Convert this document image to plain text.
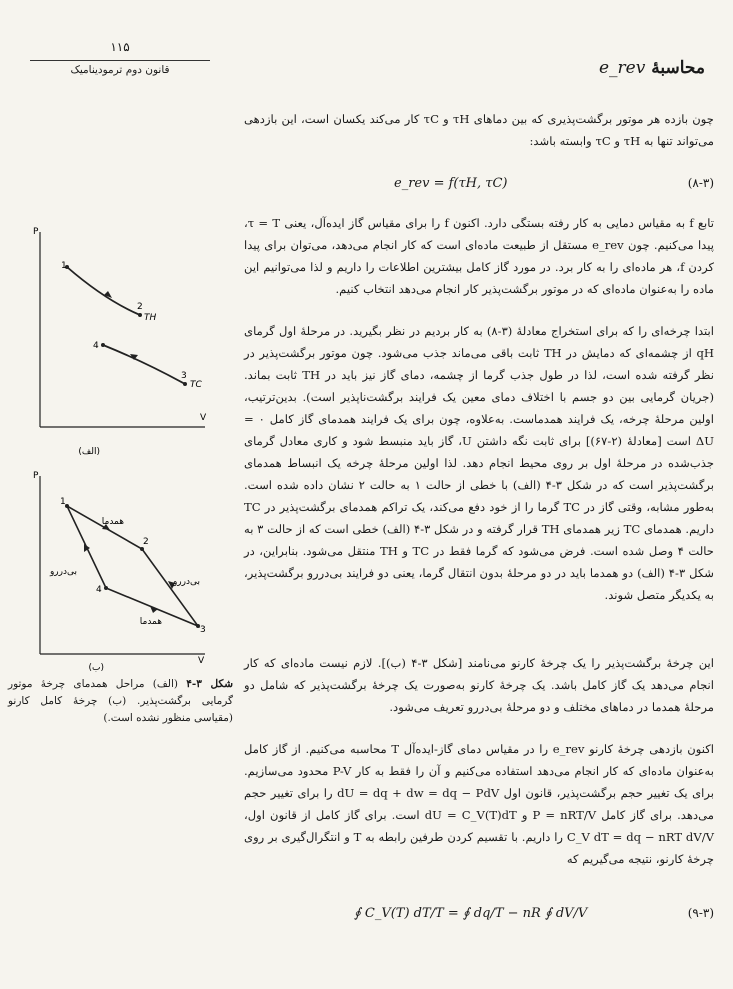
۱۱۵
قانون دوم ترمودینامیک	محاسبهٔ e_rev

چون بازده هر موتور برگشت‌پذیری که بین دماهای τH و τC کار می‌کند یکسان است، این بازدهی می‌تواند تنها به τH و τC وابسته باشد:

e_rev = f(τH, τC)	(۸-۳)

تابع f به مقیاس دمایی به کار رفته بستگی دارد. اکنون f را برای مقیاس گاز ایده‌آل، یعنی τ = T، پیدا می‌کنیم. چون e_rev مستقل از طبیعت ماده‌ای است که کار انجام می‌دهد، می‌توان برای پیدا کردن f، هر ماده‌ای را به کار برد. در مورد گاز کامل بیشترین اطلاعات را داریم و لذا می‌توانیم این ماده را به‌عنوان ماده‌ای که در موتور برگشت‌پذیر کار انجام می‌دهد انتخاب کنیم.

ابتدا چرخه‌ای را که برای استخراج معادلهٔ (۳-۸) به کار بردیم در نظر بگیرید. در مرحلهٔ اول گرمای qH از چشمه‌ای که دمایش در TH ثابت باقی می‌ماند جذب می‌شود. چون موتور برگشت‌پذیر در نظر گرفته شده است، لذا در طول جذب گرما از چشمه، دمای گاز نیز باید در TH ثابت بماند. (جریان گرمایی بین دو جسم با اختلاف دمای معین یک فرایند برگشت‌ناپذیر است). بدین‌ترتیب، اولین مرحلهٔ چرخه، یک فرایند همدماست. به‌علاوه، چون برای یک فرایند همدمای گاز کامل ۰ = ΔU است [معادلهٔ (۲-۶۷)] برای ثابت نگه داشتن U، گاز باید منبسط شود و کاری معادل گرمای جذب‌شده در مرحلهٔ اول بر روی محیط انجام دهد. لذا اولین مرحلهٔ چرخه یک انبساط همدمای برگشت‌پذیر است که در شکل ۳-۴ (الف) با خطی از حالت ۱ به حالت ۲ نشان داده شده است. به‌طور مشابه، وقتی گاز در TC گرما را از خود دفع می‌کند، یک تراکم همدمای برگشت‌پذیر در TC داریم. همدمای TC زیر همدمای TH قرار گرفته و در شکل ۳-۴ (الف) خطی است که از حالت ۳ به حالت ۴ وصل شده است. فرض می‌شود که گرما فقط در TC و TH منتقل می‌شود. بنابراین، در شکل ۳-۴ (الف) دو همدما باید در دو مرحلهٔ بدون انتقال گرما، یعنی دو فرایند بی‌دررو برگشت‌پذیر، به یکدیگر متصل شوند.

این چرخهٔ برگشت‌پذیر را یک چرخهٔ کارنو می‌نامند [شکل ۳-۴ (ب)]. لازم نیست ماده‌ای که کار انجام می‌دهد یک گاز کامل باشد. یک چرخهٔ کارنو به‌صورت یک چرخهٔ برگشت‌پذیر که شامل دو مرحلهٔ همدما در دماهای مختلف و دو مرحلهٔ بی‌دررو تعریف می‌شود.

اکنون بازدهی چرخهٔ کارنو e_rev را در مقیاس دمای گاز-ایده‌آل T محاسبه می‌کنیم. از گاز کامل به‌عنوان ماده‌ای که کار انجام می‌دهد استفاده می‌کنیم و آن را فقط به کار P-V محدود می‌سازیم. برای یک تغییر حجم برگشت‌پذیر، قانون اول dU = dq + dw = dq − PdV را برای تغییر حجم می‌دهد. برای گاز کامل P = nRT/V و dU = C_V(T)dT است. برای گاز کامل از قانون اول، C_V dT = dq − nRT dV/V را داریم. با تقسیم کردن طرفین رابطه به T و انتگرال‌گیری بر روی چرخهٔ کارنو، نتیجه می‌گیریم که

∮ C_V(T) dT/T = ∮ dq/T − nR ∮ dV/V	(۹-۳)
P
V
1
2
TH
4
3
TC
(الف)
P
V
1
2
3
4
همدما
بی‌دررو
بی‌دررو
همدما
(ب)
شکل ۳-۴ (الف) مراحل همدمای چرخهٔ موتور گرمایی برگشت‌پذیر. (ب) چرخهٔ کامل کارنو (مقیاسی منظور نشده است.)
